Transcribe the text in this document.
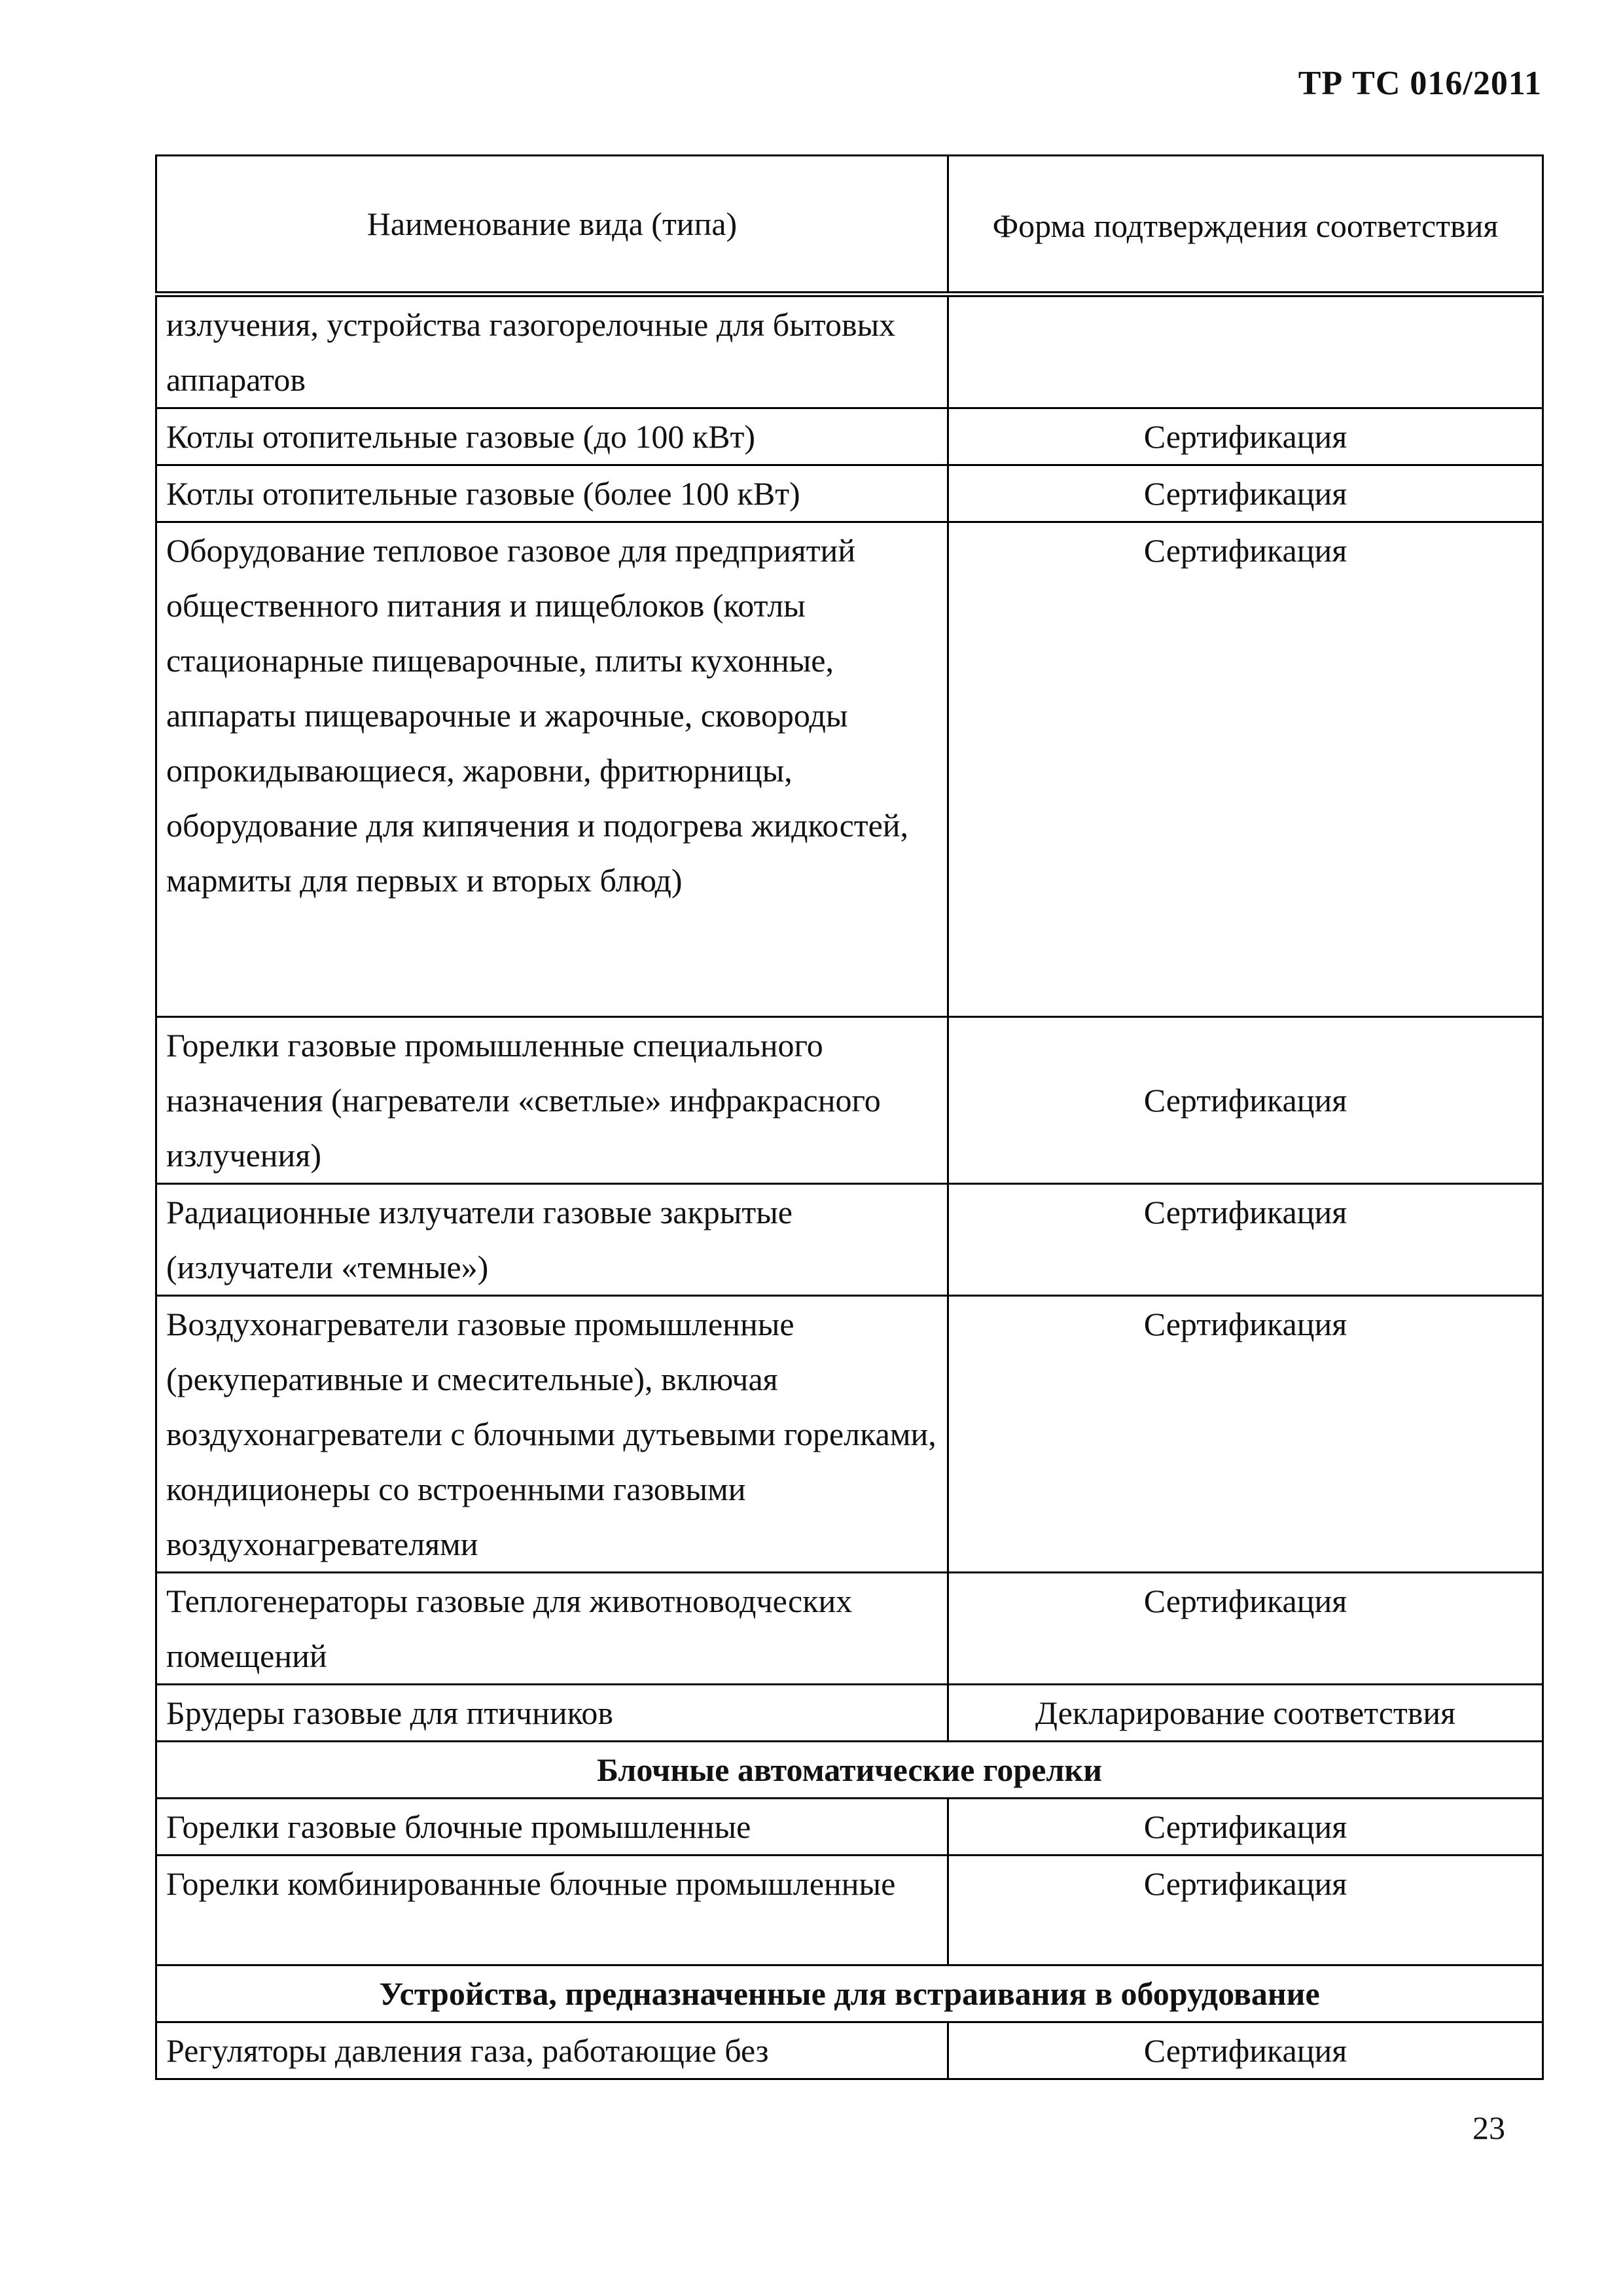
ТР ТС 016/2011
Наименование вида (типа)	Форма подтверждения соответствия
излучения, устройства газогорелочные для бытовых аппаратов	
Котлы отопительные газовые (до 100 кВт)	Сертификация
Котлы отопительные газовые (более 100 кВт)	Сертификация
Оборудование тепловое газовое для предприятий общественного питания и пищеблоков (котлы стационарные пищеварочные, плиты кухонные, аппараты пищеварочные и жарочные, сковороды опрокидывающиеся, жаровни, фритюрницы, оборудование для кипячения и подогрева жидкостей, мармиты для первых и вторых блюд)	Сертификация
Горелки газовые промышленные специального назначения (нагреватели «светлые» инфракрасного излучения)	Сертификация
Радиационные излучатели газовые закрытые (излучатели «темные»)	Сертификация
Воздухонагреватели газовые промышленные (рекуперативные и смесительные), включая воздухонагреватели с блочными дутьевыми горелками, кондиционеры со встроенными газовыми воздухонагревателями	Сертификация
Теплогенераторы газовые для животноводческих помещений	Сертификация
Брудеры газовые для птичников	Декларирование соответствия
Блочные автоматические горелки	
Горелки газовые блочные промышленные	Сертификация
Горелки комбинированные блочные промышленные	Сертификация
Устройства, предназначенные для встраивания в оборудование	
Регуляторы давления газа, работающие без	Сертификация
23
